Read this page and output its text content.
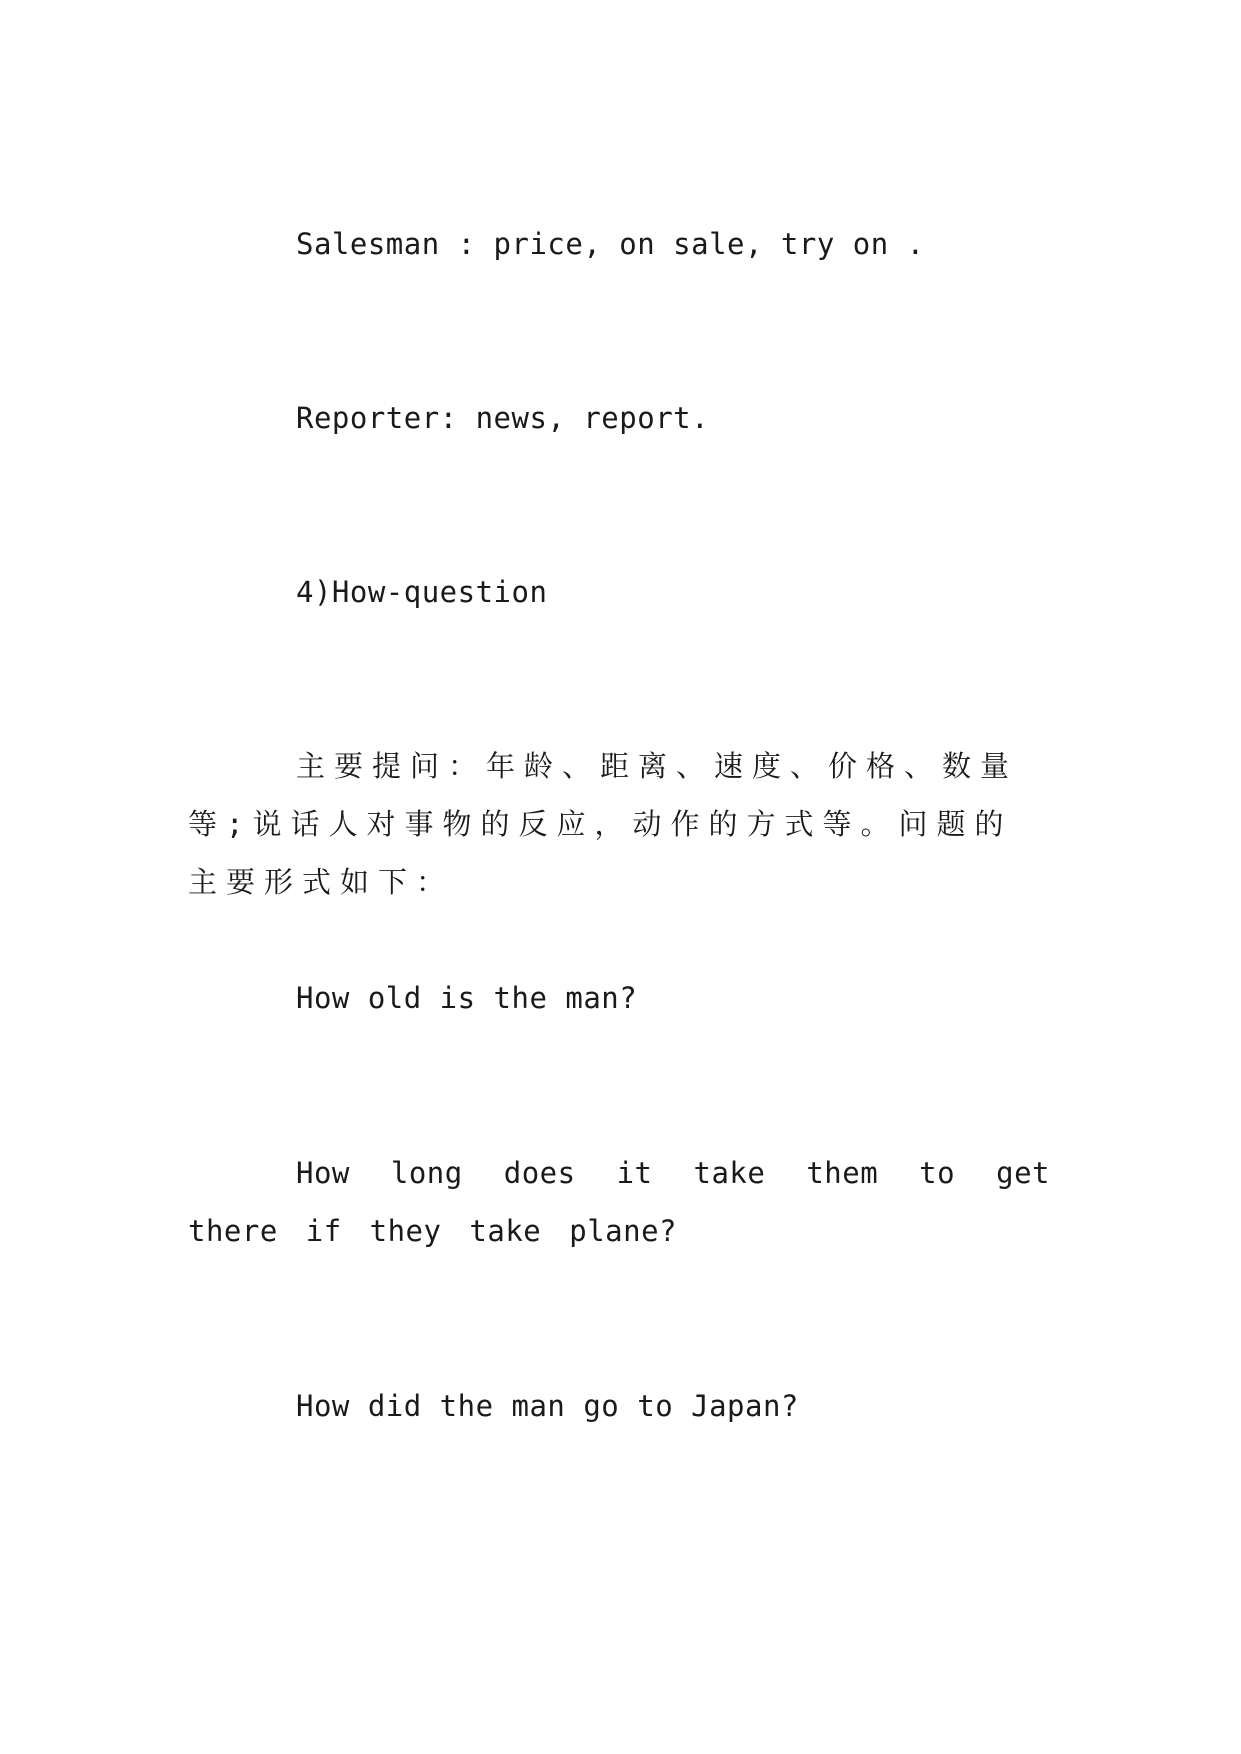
Salesman : price, on sale, try on .
Reporter: news, report.
4)How-question
主要提问：年龄、距离、速度、价格、数量等;说话人对事物的反应，动作的方式等。问题的主要形式如下：
How old is the man?
How long does it take them to get there if they take plane?
How did the man go to Japan?
